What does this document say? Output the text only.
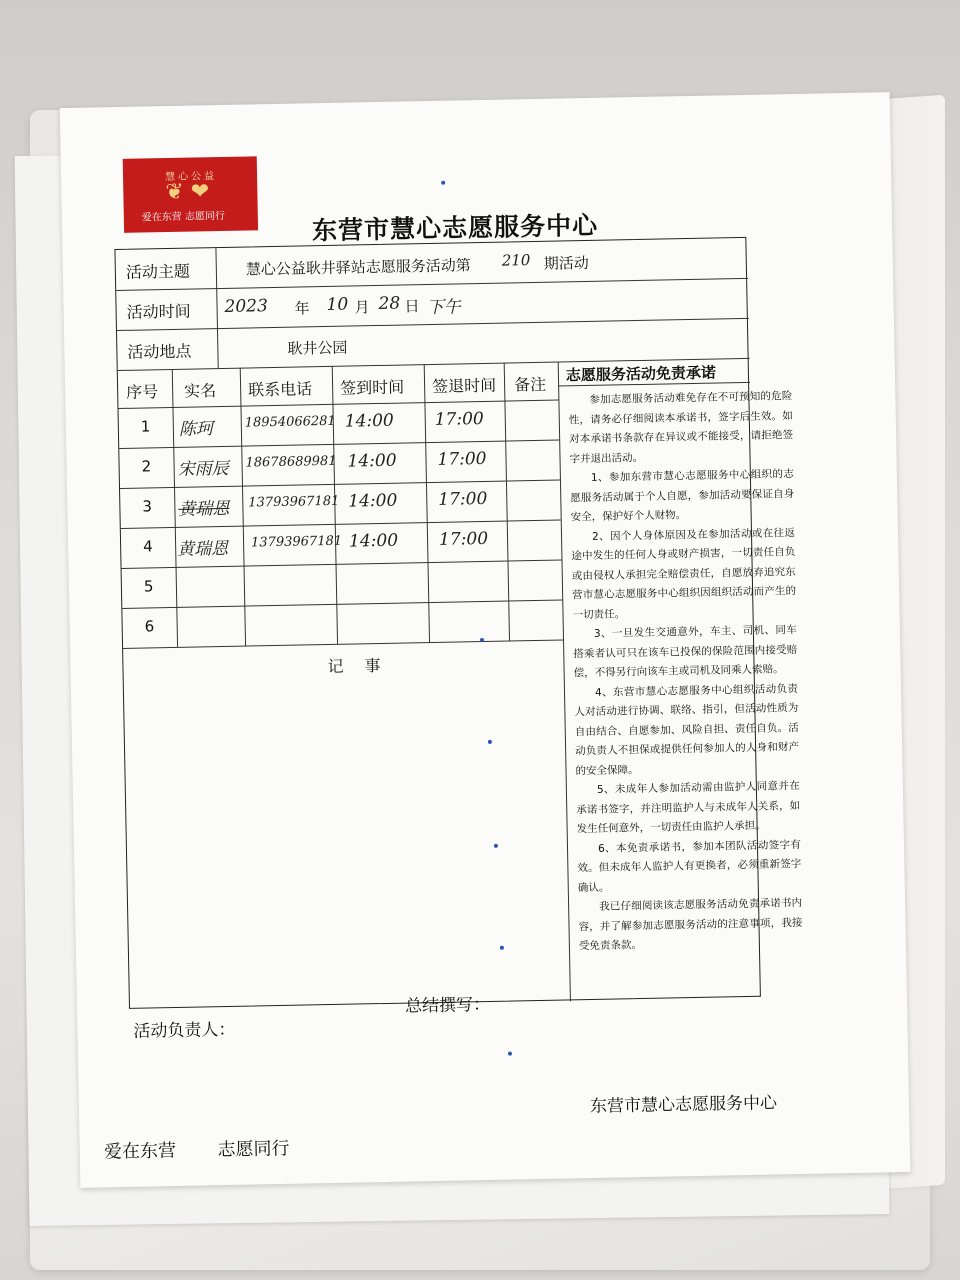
慧心公益
❦ ❤
爱在东营 志愿同行	东营市慧心志愿服务中心
活动主题	慧心公益耿井驿站志愿服务活动第 210 期活动
活动时间 2023 年 10 月 28 日 下午
活动地点	耿井公园
序号 实名 联系电话 签到时间 签退时间 备注
1 陈珂 18954066281 14:00 17:00
2 宋雨辰 18678689981 14:00 17:00
3 黄瑞恩 13793967181 14:00 17:00
4 黄瑞恩 13793967181 14:00 17:00
5
6
记 事
志愿服务活动免责承诺
参加志愿服务活动难免存在不可预知的危险性，请务必仔细阅读本承诺书，签字后生效。如对本承诺书条款存在异议或不能接受，请拒绝签字并退出活动。
1、参加东营市慧心志愿服务中心组织的志愿服务活动属于个人自愿，参加活动要保证自身安全，保护好个人财物。
2、因个人身体原因及在参加活动或在往返途中发生的任何人身或财产损害，一切责任自负或由侵权人承担完全赔偿责任，自愿放弃追究东营市慧心志愿服务中心组织因组织活动而产生的一切责任。
3、一旦发生交通意外，车主、司机、同车搭乘者认可只在该车已投保的保险范围内接受赔偿，不得另行向该车主或司机及同乘人索赔。
4、东营市慧心志愿服务中心组织活动负责人对活动进行协调、联络、指引，但活动性质为自由结合、自愿参加、风险自担、责任自负。活动负责人不担保或提供任何参加人的人身和财产的安全保障。
5、未成年人参加活动需由监护人同意并在承诺书签字，并注明监护人与未成年人关系，如发生任何意外，一切责任由监护人承担。
6、本免责承诺书，参加本团队活动签字有效。但未成年人监护人有更换者，必须重新签字确认。
我已仔细阅读该志愿服务活动免责承诺书内容，并了解参加志愿服务活动的注意事项，我接受免责条款。
活动负责人：
总结撰写：
东营市慧心志愿服务中心
爱在东营 志愿同行
